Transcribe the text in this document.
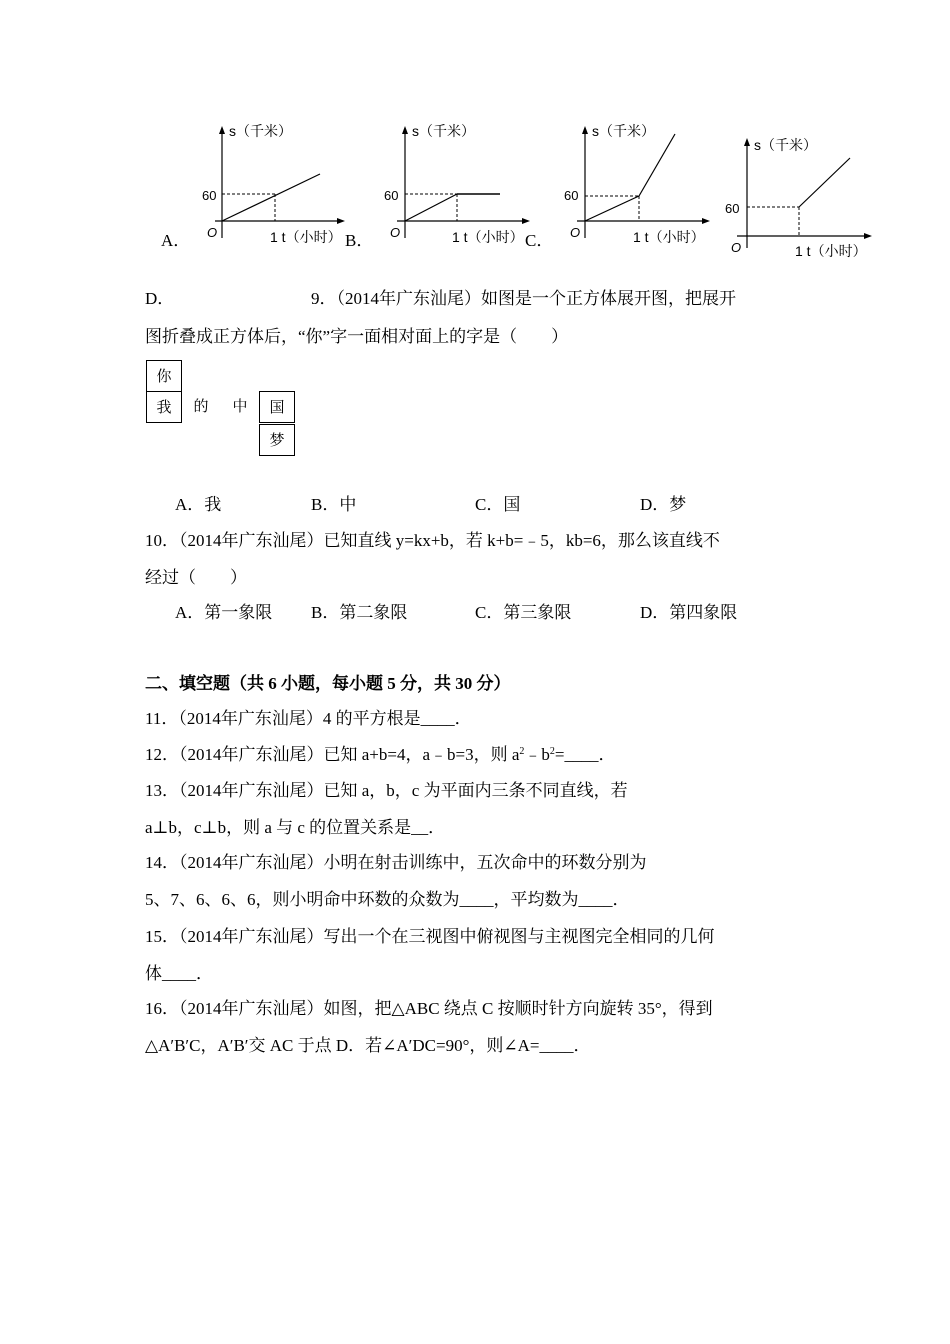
s（千米）
60
O	1 t（小时）
A．
s（千米）
60
O	1 t（小时）
B．
s（千米）
60
O	1 t（小时）
C．
s（千米）
60
O	1 t（小时）
D．	9．（2014年广东汕尾）如图是一个正方体展开图，把展开
图折叠成正方体后，“你”字一面相对面上的字是（　　）
你
我	的	中	国
梦
A．我	B．中	C．国	D．梦
10．（2014年广东汕尾）已知直线 y=kx+b，若 k+b=﹣5，kb=6，那么该直线不
经过（　　）
A．第一象限 B．第二象限	C．第三象限	D．第四象限
二、填空题（共 6 小题，每小题 5 分，共 30 分）
11．（2014年广东汕尾）4 的平方根是____．
12．（2014年广东汕尾）已知 a+b=4，a﹣b=3，则 $a^2﹣b^2=\_\_\_\_$．
13．（2014年广东汕尾）已知 a，b，c 为平面内三条不同直线，若
a⊥b，c⊥b，则 a 与 c 的位置关系是__．
14．（2014年广东汕尾）小明在射击训练中，五次命中的环数分别为
5、7、6、6、6，则小明命中环数的众数为____，平均数为____．
15．（2014年广东汕尾）写出一个在三视图中俯视图与主视图完全相同的几何
体____．
16．（2014年广东汕尾）如图，把△ABC 绕点 C 按顺时针方向旋转 35°，得到
△A′B′C，A′B′交 AC 于点 D．若∠A′DC=90°，则∠A=____．
